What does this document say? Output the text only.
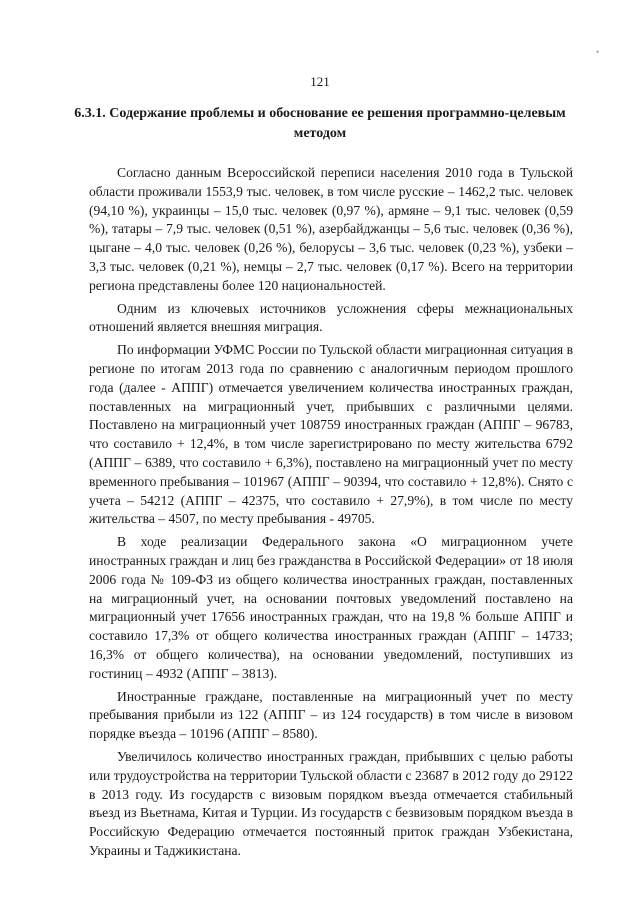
•
121
6.3.1. Содержание проблемы и обоснование ее решения программно-целевым методом

Согласно данным Всероссийской переписи населения 2010 года в Тульской области проживали 1553,9 тыс. человек, в том числе русские – 1462,2 тыс. человек (94,10 %), украинцы – 15,0 тыс. человек (0,97 %), армяне – 9,1 тыс. человек (0,59 %), татары – 7,9 тыс. человек (0,51 %), азербайджанцы – 5,6 тыс. человек (0,36 %), цыгане – 4,0 тыс. человек (0,26 %), белорусы – 3,6 тыс. человек (0,23 %), узбеки – 3,3 тыс. человек (0,21 %), немцы – 2,7 тыс. человек (0,17 %). Всего на территории региона представлены более 120 национальностей.

Одним из ключевых источников усложнения сферы межнациональных отношений является внешняя миграция.

По информации УФМС России по Тульской области миграционная ситуация в регионе по итогам 2013 года по сравнению с аналогичным периодом прошлого года (далее - АППГ) отмечается увеличением количества иностранных граждан, поставленных на миграционный учет, прибывших с различными целями. Поставлено на миграционный учет 108759 иностранных граждан (АППГ – 96783, что составило + 12,4%, в том числе зарегистрировано по месту жительства 6792 (АППГ – 6389, что составило + 6,3%), поставлено на миграционный учет по месту временного пребывания – 101967 (АППГ – 90394, что составило + 12,8%). Снято с учета – 54212 (АППГ – 42375, что составило + 27,9%), в том числе по месту жительства – 4507, по месту пребывания - 49705.

В ходе реализации Федерального закона «О миграционном учете иностранных граждан и лиц без гражданства в Российской Федерации» от 18 июля 2006 года № 109-ФЗ из общего количества иностранных граждан, поставленных на миграционный учет, на основании почтовых уведомлений поставлено на миграционный учет 17656 иностранных граждан, что на 19,8 % больше АППГ и составило 17,3% от общего количества иностранных граждан (АППГ – 14733; 16,3% от общего количества), на основании уведомлений, поступивших из гостиниц – 4932 (АППГ – 3813).

Иностранные граждане, поставленные на миграционный учет по месту пребывания прибыли из 122 (АППГ – из 124 государств) в том числе в визовом порядке въезда – 10196 (АППГ – 8580).

Увеличилось количество иностранных граждан, прибывших с целью работы или трудоустройства на территории Тульской области с 23687 в 2012 году до 29122 в 2013 году. Из государств с визовым порядком въезда отмечается стабильный въезд из Вьетнама, Китая и Турции. Из государств с безвизовым порядком въезда в Российскую Федерацию отмечается постоянный приток граждан Узбекистана, Украины и Таджикистана.
